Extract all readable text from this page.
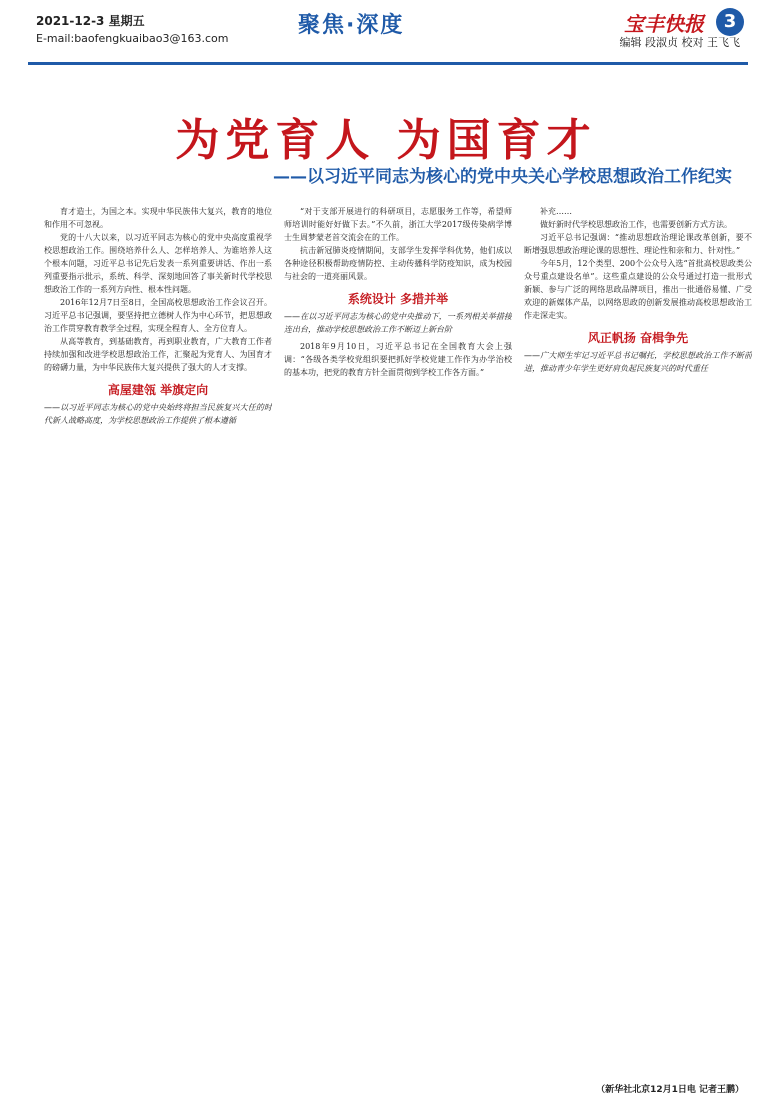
2021-12-3 星期五
E-mail:baofengkuaibao3@163.com
聚焦·深度	宝丰快报	3
编辑 段淑贞 校对 王飞飞
为党育人 为国育才
——以习近平同志为核心的党中央关心学校思想政治工作纪实

育才造士，为国之本。实现中华民族伟大复兴，教育的地位和作用不可忽视。

党的十八大以来，以习近平同志为核心的党中央高度重视学校思想政治工作。围绕培养什么人、怎样培养人、为谁培养人这个根本问题，习近平总书记先后发表一系列重要讲话、作出一系列重要指示批示，系统、科学、深刻地回答了事关新时代学校思想政治工作的一系列方向性、根本性问题。

2016年12月7日至8日，全国高校思想政治工作会议召开。习近平总书记强调，要坚持把立德树人作为中心环节，把思想政治工作贯穿教育教学全过程，实现全程育人、全方位育人。

从高等教育，到基础教育，再到职业教育，广大教育工作者持续加强和改进学校思想政治工作，汇聚起为党育人、为国育才的磅礴力量，为中华民族伟大复兴提供了强大的人才支撑。

高屋建瓴 举旗定向
——以习近平同志为核心的党中央始终将担当民族复兴大任的时代新人战略高度，为学校思想政治工作提供了根本遵循

“对于支部开展进行的科研项目，志愿服务工作等，希望师师培训时能好好做下去。”不久前，浙江大学2017级传染病学博士生周梦蒙老首交流会在的工作。

抗击新冠肺炎疫情期间，支部学生发挥学科优势，他们成以各种途径积极帮助疫情防控、主动传播科学防疫知识，成为校园与社会的一道亮丽风景。

系统设计 多措并举
——在以习近平同志为核心的党中央推动下，一系列相关举措接连出台，推动学校思想政治工作不断迈上新台阶

2018年9月10日，习近平总书记在全国教育大会上强调：“各级各类学校党组织要把抓好学校党建工作作为办学治校的基本功，把党的教育方针全面贯彻到学校工作各方面。”

补充……

做好新时代学校思想政治工作，也需要创新方式方法。

习近平总书记强调：“推动思想政治理论课改革创新，要不断增强思想政治理论课的思想性、理论性和亲和力、针对性。”

今年5月，12个类型、200个公众号入选“首批高校思政类公众号重点建设名单”。这些重点建设的公众号通过打造一批形式新颖、参与广泛的网络思政品牌项目，推出一批通俗易懂、广受欢迎的新媒体产品，以网络思政的创新发展推动高校思想政治工作走深走实。

风正帆扬 奋楫争先
——广大师生牢记习近平总书记嘱托，学校思想政治工作不断前进，推动青少年学生更好肩负起民族复兴的时代重任
（新华社北京12月1日电 记者王鹏）
